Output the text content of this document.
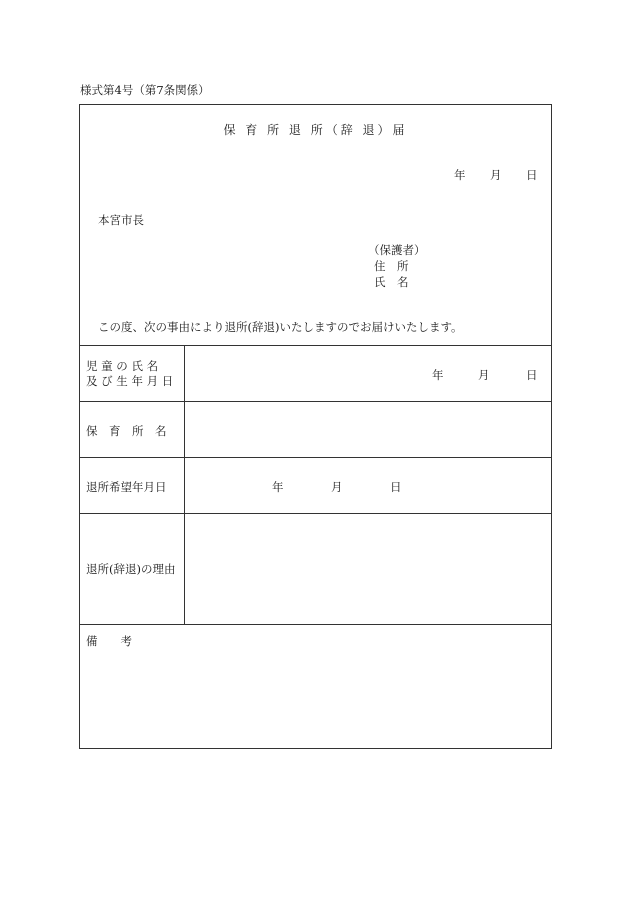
様式第4号（第7条関係）
保 育 所 退 所（辞 退）届
年 月 日
本宮市長
（保護者）
住　所
氏　名
この度、次の事由により退所(辞退)いたしますのでお届けいたします。
児 童 の 氏 名
及 び 生 年 月 日	年	月	日
保　育　所　名
退所希望年月日	年	月	日
退所(辞退)の理由
備　　考
